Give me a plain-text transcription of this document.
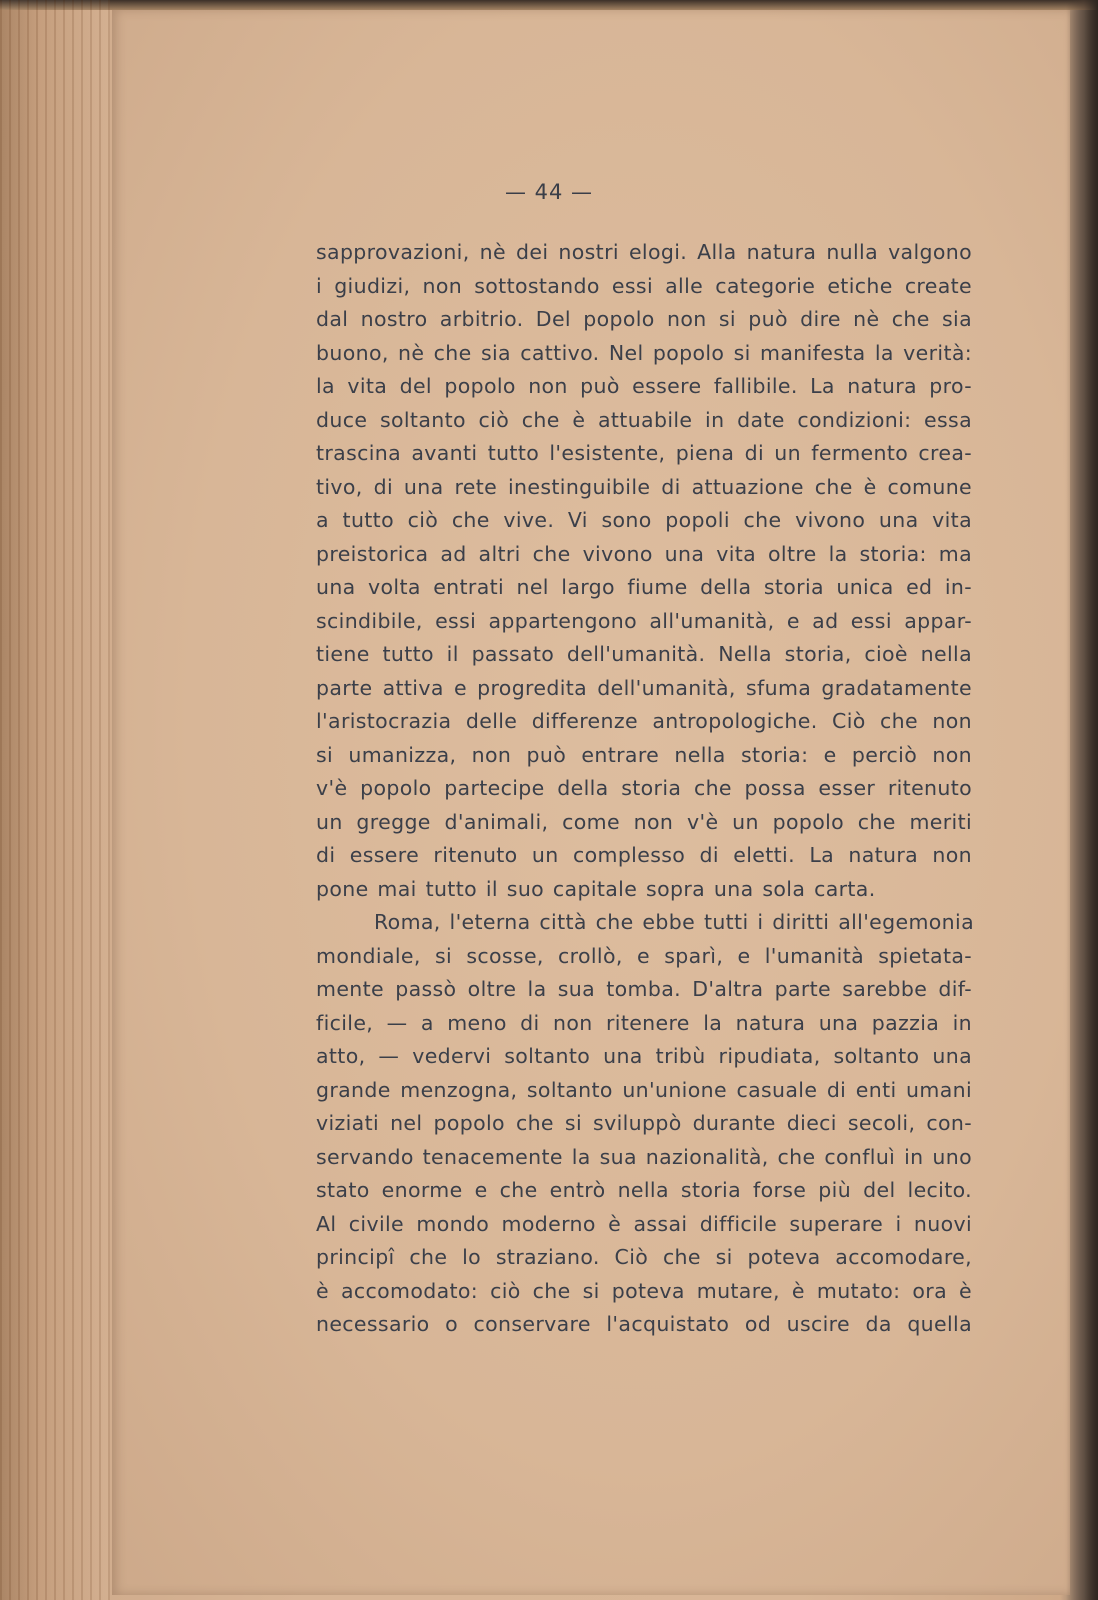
— 44 —
sapprovazioni, nè dei nostri elogi. Alla natura nulla valgono
i giudizi, non sottostando essi alle categorie etiche create
dal nostro arbitrio. Del popolo non si può dire nè che sia
buono, nè che sia cattivo. Nel popolo si manifesta la verità:
la vita del popolo non può essere fallibile. La natura pro-
duce soltanto ciò che è attuabile in date condizioni: essa
trascina avanti tutto l'esistente, piena di un fermento crea-
tivo, di una rete inestinguibile di attuazione che è comune
a tutto ciò che vive. Vi sono popoli che vivono una vita
preistorica ad altri che vivono una vita oltre la storia: ma
una volta entrati nel largo fiume della storia unica ed in-
scindibile, essi appartengono all'umanità, e ad essi appar-
tiene tutto il passato dell'umanità. Nella storia, cioè nella
parte attiva e progredita dell'umanità, sfuma gradatamente
l'aristocrazia delle differenze antropologiche. Ciò che non
si umanizza, non può entrare nella storia: e perciò non
v'è popolo partecipe della storia che possa esser ritenuto
un gregge d'animali, come non v'è un popolo che meriti
di essere ritenuto un complesso di eletti. La natura non
pone mai tutto il suo capitale sopra una sola carta.
Roma, l'eterna città che ebbe tutti i diritti all'egemonia
mondiale, si scosse, crollò, e sparì, e l'umanità spietata-
mente passò oltre la sua tomba. D'altra parte sarebbe dif-
ficile, — a meno di non ritenere la natura una pazzia in
atto, — vedervi soltanto una tribù ripudiata, soltanto una
grande menzogna, soltanto un'unione casuale di enti umani
viziati nel popolo che si sviluppò durante dieci secoli, con-
servando tenacemente la sua nazionalità, che confluì in uno
stato enorme e che entrò nella storia forse più del lecito.
Al civile mondo moderno è assai difficile superare i nuovi
principî che lo straziano. Ciò che si poteva accomodare,
è accomodato: ciò che si poteva mutare, è mutato: ora è
necessario o conservare l'acquistato od uscire da quella
